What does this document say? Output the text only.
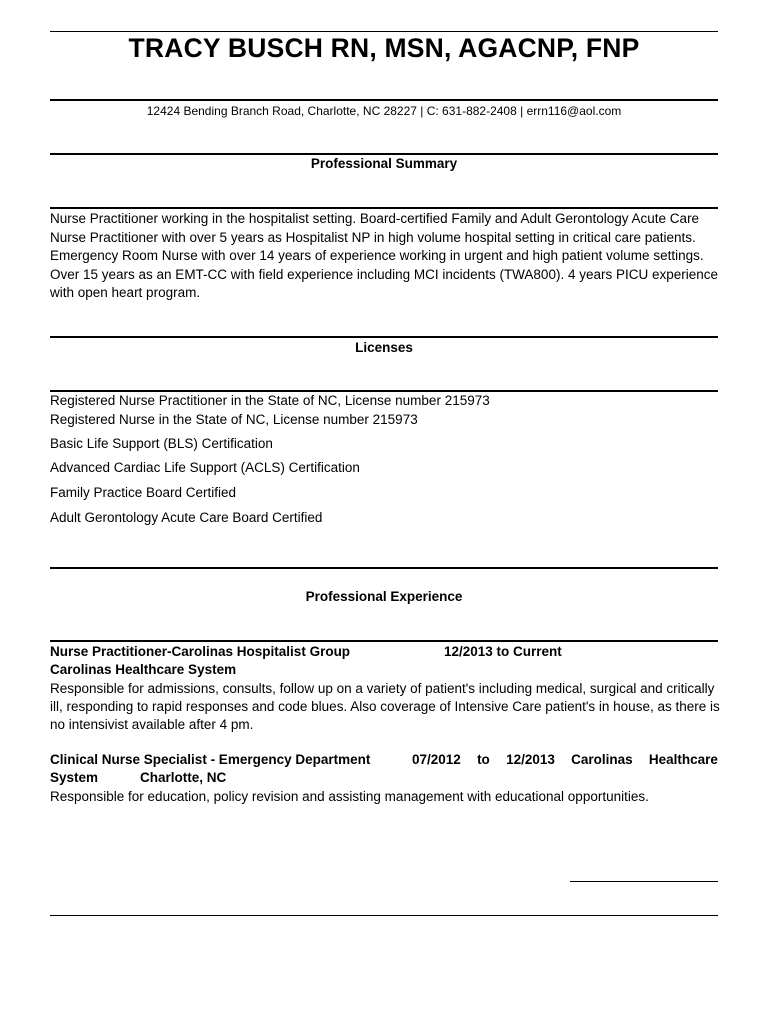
TRACY BUSCH RN, MSN, AGACNP, FNP
12424 Bending Branch Road, Charlotte, NC 28227 | C: 631-882-2408 | errn116@aol.com
Professional Summary
Nurse Practitioner working in the hospitalist setting. Board-certified Family and Adult Gerontology Acute Care Nurse Practitioner with over 5 years as Hospitalist NP in high volume hospital setting in critical care patients. Emergency Room Nurse with over 14 years of experience working in urgent and high patient volume settings. Over 15 years as an EMT-CC with field experience including MCI incidents (TWA800). 4 years PICU experience with open heart program.
Licenses
Registered Nurse Practitioner in the State of NC, License number 215973
Registered Nurse in the State of NC, License number 215973
Basic Life Support (BLS) Certification
Advanced Cardiac Life Support (ACLS) Certification
Family Practice Board Certified
Adult Gerontology Acute Care Board Certified
Professional Experience
Nurse Practitioner-Carolinas Hospitalist Group	12/2013 to Current
Carolinas Healthcare System
Responsible for admissions, consults, follow up on a variety of patient's including medical, surgical and critically ill, responding to rapid responses and code blues. Also coverage of Intensive Care patient's in house, as there is no intensivist available after 4 pm.
Clinical Nurse Specialist - Emergency Department	07/2012 to 12/2013 Carolinas Healthcare
System	Charlotte, NC
Responsible for education, policy revision and assisting management with educational opportunities.
